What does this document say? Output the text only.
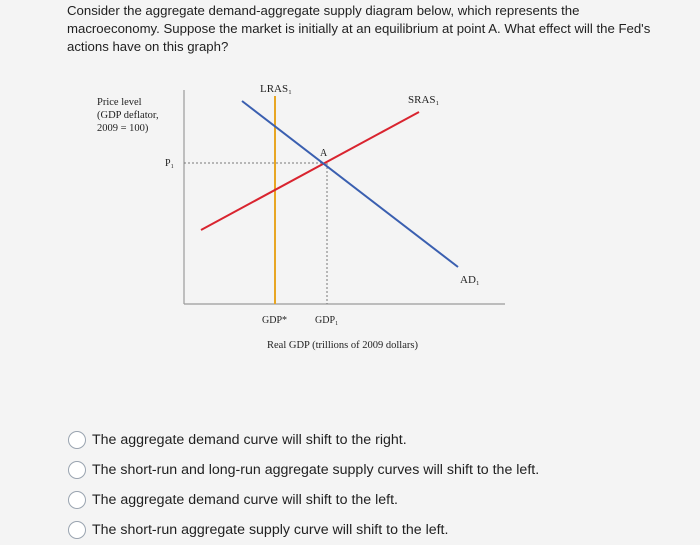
Consider the aggregate demand-aggregate supply diagram below, which represents the macroeconomy. Suppose the market is initially at an equilibrium at point A. What effect will the Fed's actions have on this graph?

Price level
(GDP deflator,
2009 = 100)
LRAS₁
SRAS₁
AD₁
A
P₁
GDP*	GDP₁
Real GDP (trillions of 2009 dollars)
The aggregate demand curve will shift to the right.
The short-run and long-run aggregate supply curves will shift to the left.
The aggregate demand curve will shift to the left.
The short-run aggregate supply curve will shift to the left.
